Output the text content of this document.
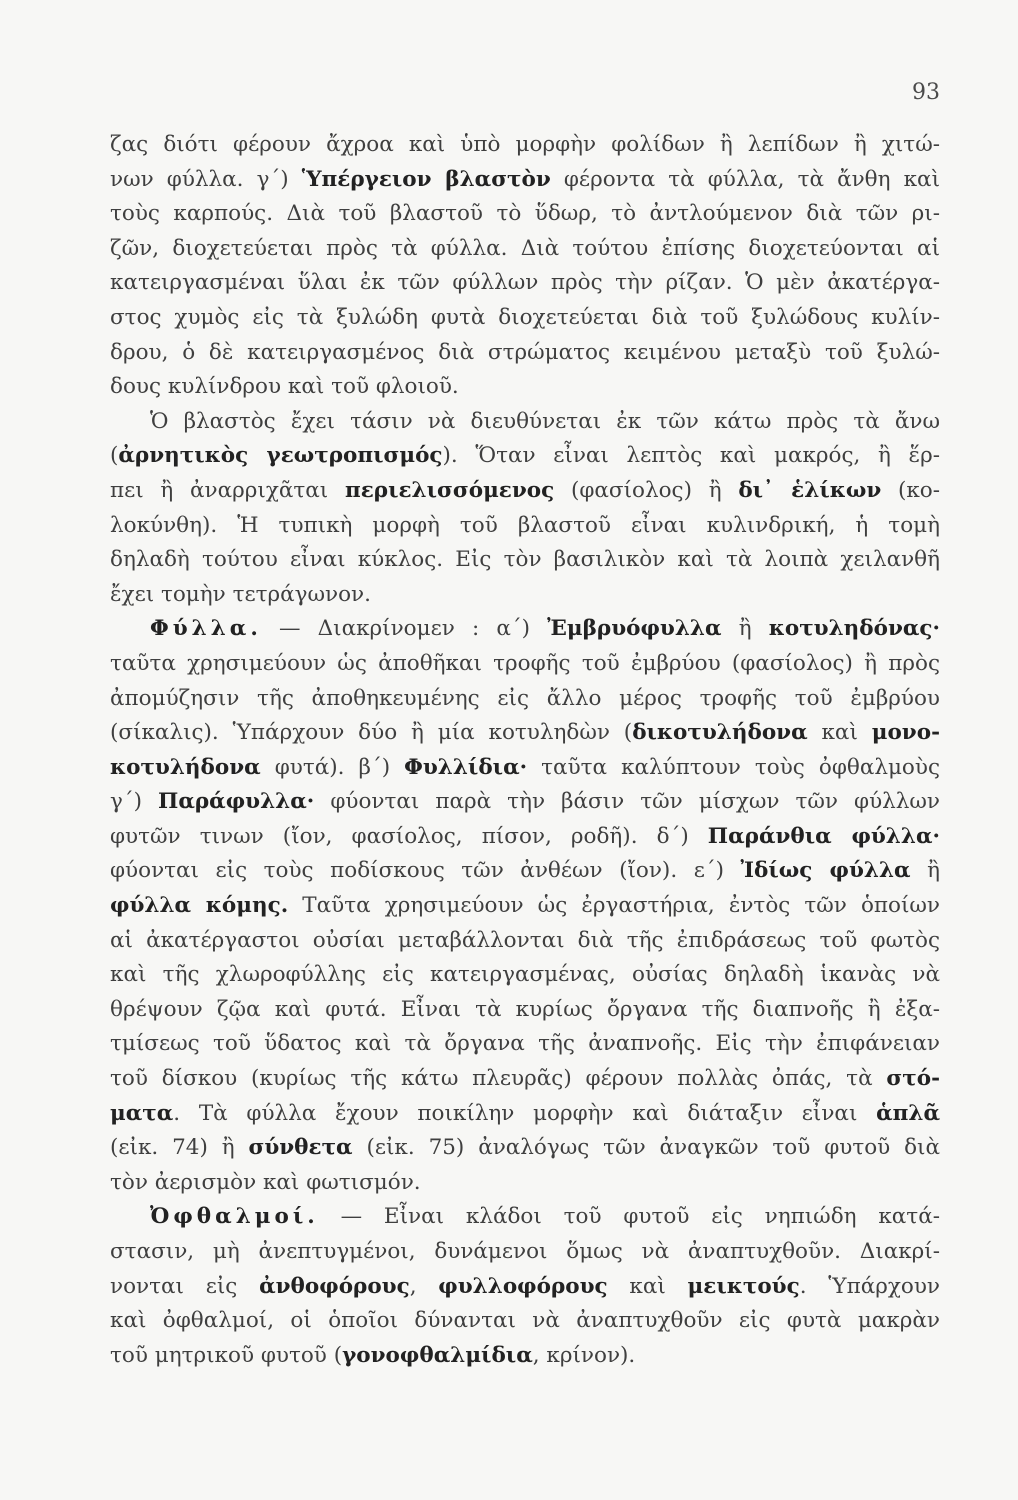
93
ζας διότι φέρουν ἄχροα καὶ ὑπὸ μορφὴν φολίδων ἢ λεπίδων ἢ χιτώ-
νων φύλλα. γ΄) Ὑπέργειον βλαστὸν φέροντα τὰ φύλλα, τὰ ἄνθη καὶ
τοὺς καρπούς. Διὰ τοῦ βλαστοῦ τὸ ὕδωρ, τὸ ἀντλούμενον διὰ τῶν ρι-
ζῶν, διοχετεύεται πρὸς τὰ φύλλα. Διὰ τούτου ἐπίσης διοχετεύονται αἱ
κατειργασμέναι ὕλαι ἐκ τῶν φύλλων πρὸς τὴν ρίζαν. Ὁ μὲν ἀκατέργα-
στος χυμὸς εἰς τὰ ξυλώδη φυτὰ διοχετεύεται διὰ τοῦ ξυλώδους κυλίν-
δρου, ὁ δὲ κατειργασμένος διὰ στρώματος κειμένου μεταξὺ τοῦ ξυλώ-
δους κυλίνδρου καὶ τοῦ φλοιοῦ.
Ὁ βλαστὸς ἔχει τάσιν νὰ διευθύνεται ἐκ τῶν κάτω πρὸς τὰ ἄνω
(ἀρνητικὸς γεωτροπισμός). Ὅταν εἶναι λεπτὸς καὶ μακρός, ἢ ἕρ-
πει ἢ ἀναρριχᾶται περιελισσόμενος (φασίολος) ἢ δι᾽ ἑλίκων (κο-
λοκύνθη). Ἡ τυπικὴ μορφὴ τοῦ βλαστοῦ εἶναι κυλινδρική, ἡ τομὴ
δηλαδὴ τούτου εἶναι κύκλος. Εἰς τὸν βασιλικὸν καὶ τὰ λοιπὰ χειλανθῆ
ἔχει τομὴν τετράγωνον.
Φύλλα. — Διακρίνομεν : α΄) Ἐμβρυόφυλλα ἢ κοτυληδόνας·
ταῦτα χρησιμεύουν ὡς ἀποθῆκαι τροφῆς τοῦ ἐμβρύου (φασίολος) ἢ πρὸς
ἀπομύζησιν τῆς ἀποθηκευμένης εἰς ἄλλο μέρος τροφῆς τοῦ ἐμβρύου
(σίκαλις). Ὑπάρχουν δύο ἢ μία κοτυληδὼν (δικοτυλήδονα καὶ μονο-
κοτυλήδονα φυτά). β΄) Φυλλίδια· ταῦτα καλύπτουν τοὺς ὀφθαλμοὺς
γ΄) Παράφυλλα· φύονται παρὰ τὴν βάσιν τῶν μίσχων τῶν φύλλων
φυτῶν τινων (ἴον, φασίολος, πίσον, ροδῆ). δ΄) Παράνθια φύλλα·
φύονται εἰς τοὺς ποδίσκους τῶν ἀνθέων (ἴον). ε΄) Ἰδίως φύλλα ἢ
φύλλα κόμης. Ταῦτα χρησιμεύουν ὡς ἐργαστήρια, ἐντὸς τῶν ὁποίων
αἱ ἀκατέργαστοι οὐσίαι μεταβάλλονται διὰ τῆς ἐπιδράσεως τοῦ φωτὸς
καὶ τῆς χλωροφύλλης εἰς κατειργασμένας, οὐσίας δηλαδὴ ἱκανὰς νὰ
θρέψουν ζῷα καὶ φυτά. Εἶναι τὰ κυρίως ὄργανα τῆς διαπνοῆς ἢ ἐξα-
τμίσεως τοῦ ὕδατος καὶ τὰ ὄργανα τῆς ἀναπνοῆς. Εἰς τὴν ἐπιφάνειαν
τοῦ δίσκου (κυρίως τῆς κάτω πλευρᾶς) φέρουν πολλὰς ὀπάς, τὰ στό-
ματα. Τὰ φύλλα ἔχουν ποικίλην μορφὴν καὶ διάταξιν εἶναι ἁπλᾶ
(εἰκ. 74) ἢ σύνθετα (εἰκ. 75) ἀναλόγως τῶν ἀναγκῶν τοῦ φυτοῦ διὰ
τὸν ἀερισμὸν καὶ φωτισμόν.
Ὀφθαλμοί. — Εἶναι κλάδοι τοῦ φυτοῦ εἰς νηπιώδη κατά-
στασιν, μὴ ἀνεπτυγμένοι, δυνάμενοι ὅμως νὰ ἀναπτυχθοῦν. Διακρί-
νονται εἰς ἀνθοφόρους, φυλλοφόρους καὶ μεικτούς. Ὑπάρχουν
καὶ ὀφθαλμοί, οἱ ὁποῖοι δύνανται νὰ ἀναπτυχθοῦν εἰς φυτὰ μακρὰν
τοῦ μητρικοῦ φυτοῦ (γονοφθαλμίδια, κρίνον).
